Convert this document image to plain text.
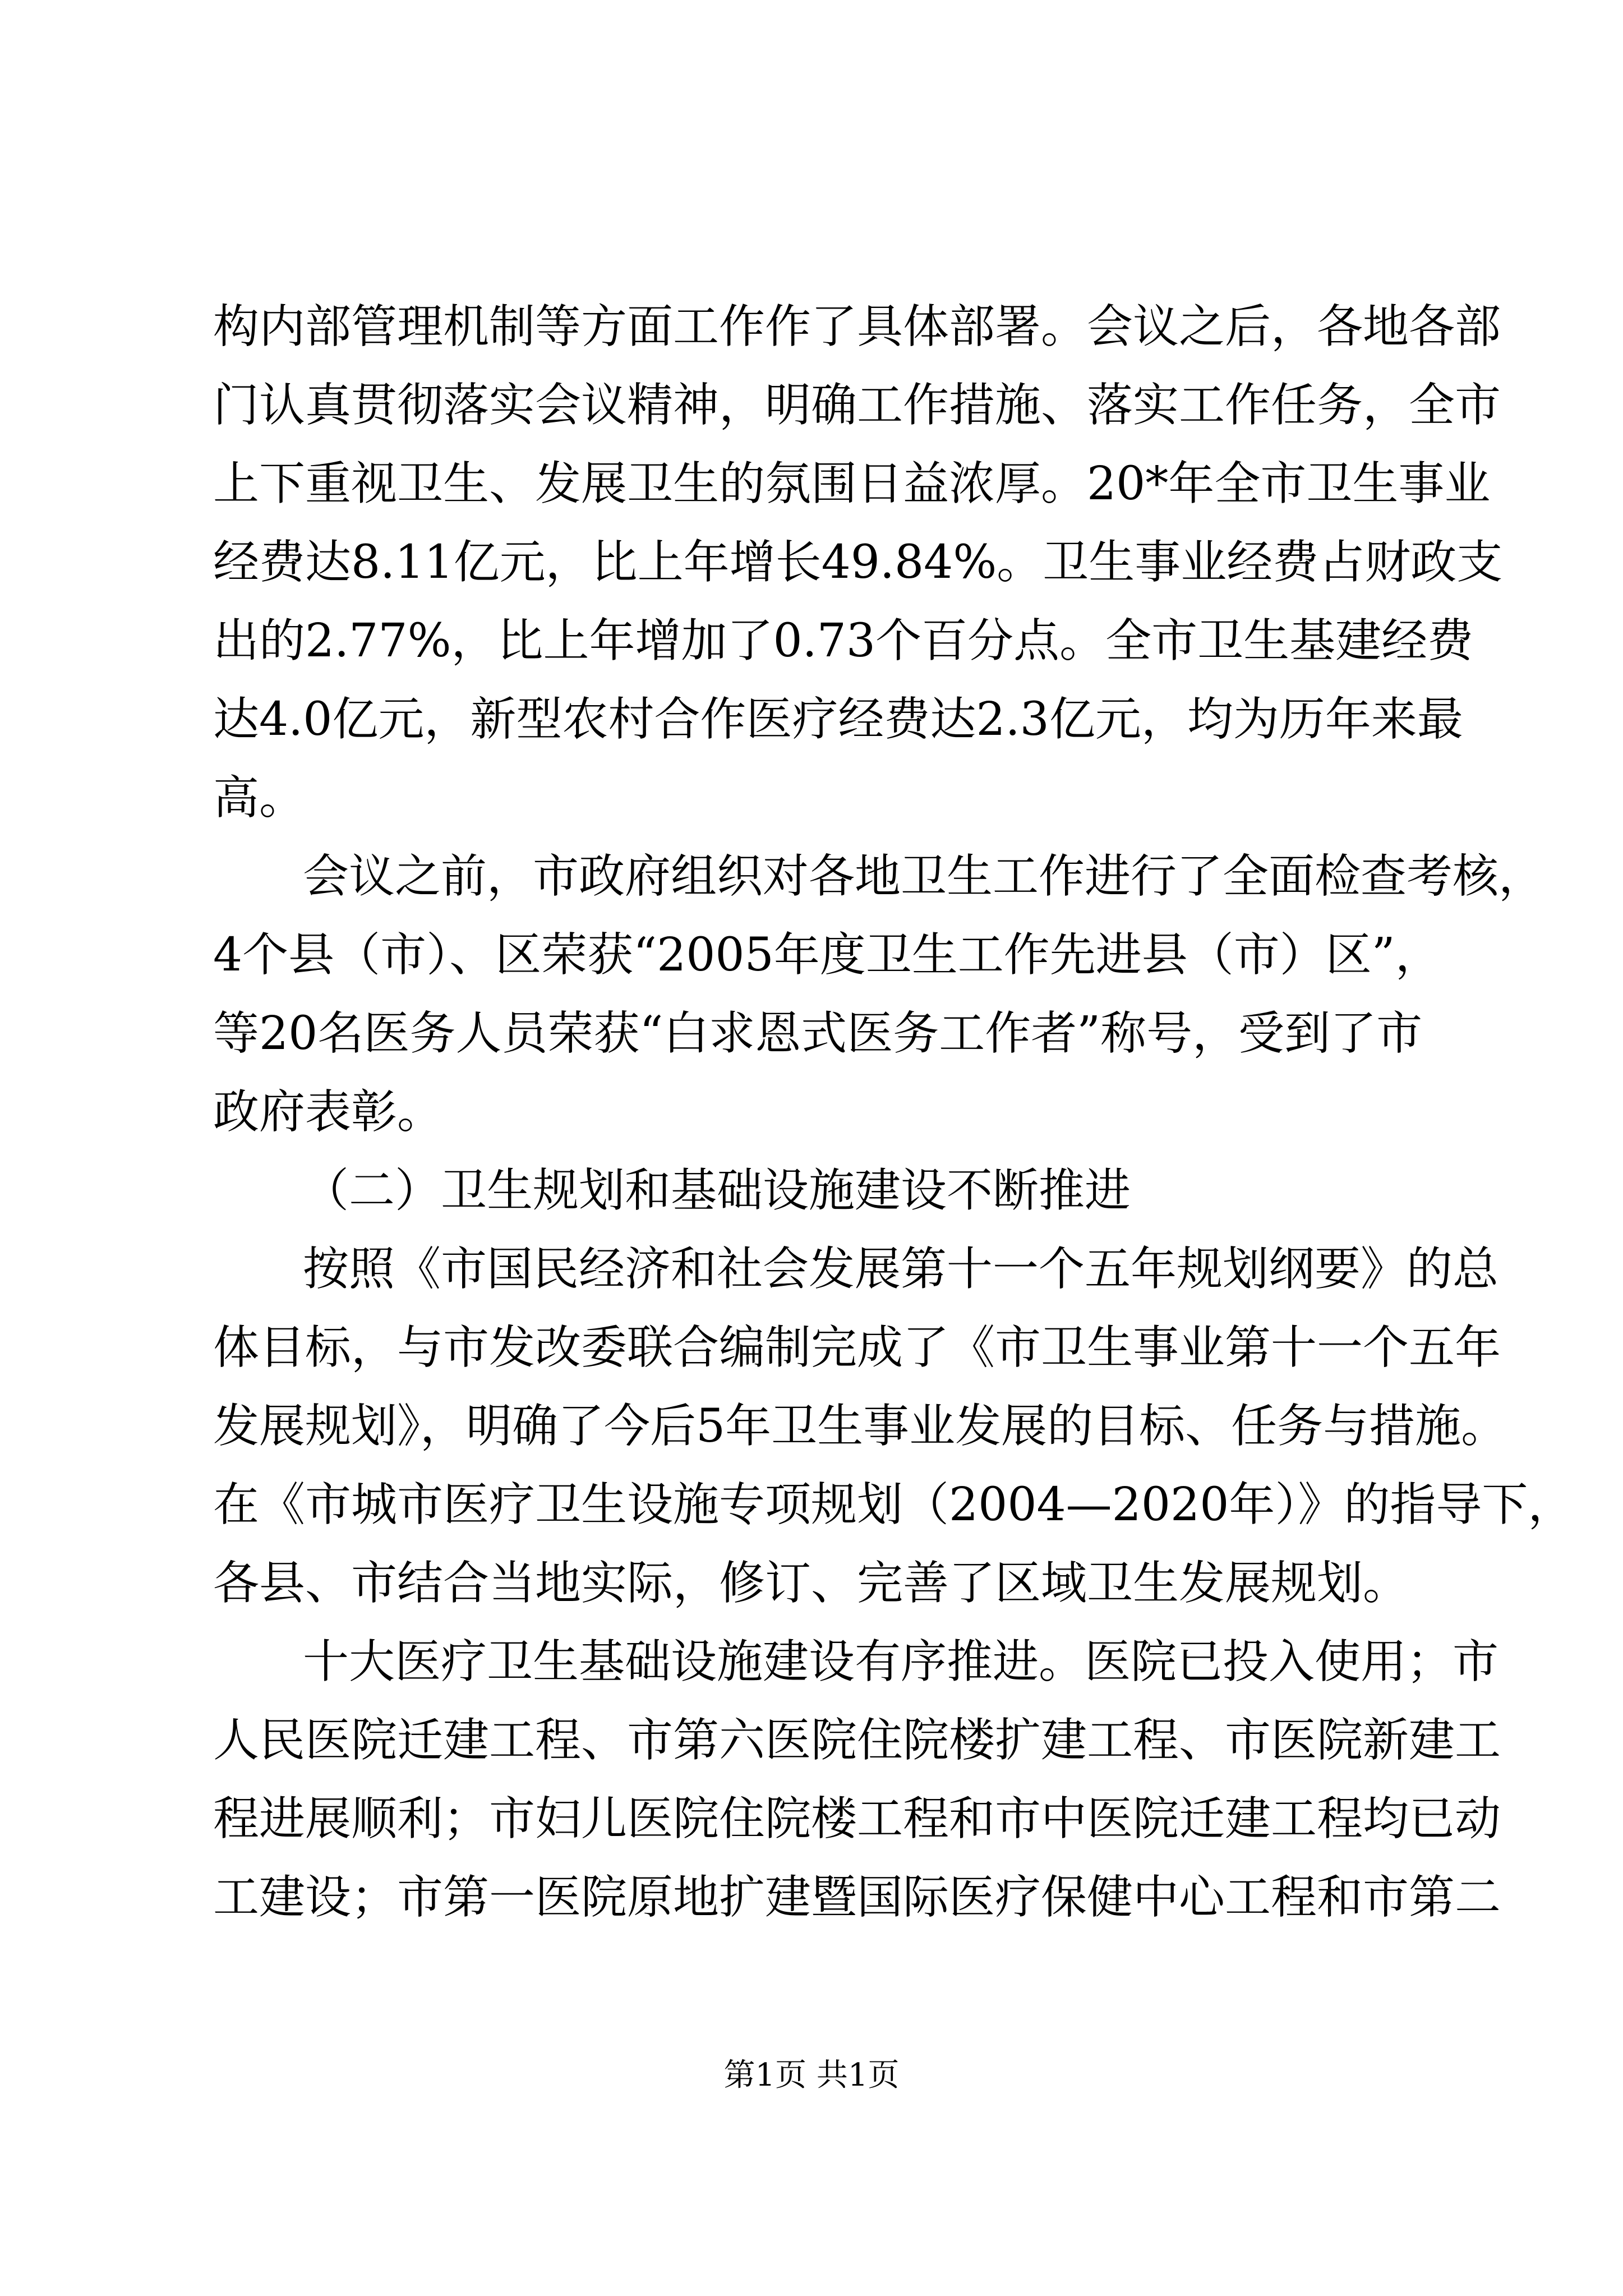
构内部管理机制等方面工作作了具体部署。会议之后，各地各部
门认真贯彻落实会议精神，明确工作措施、落实工作任务，全市
上下重视卫生、发展卫生的氛围日益浓厚。20*年全市卫生事业
经费达8.11亿元，比上年增长49.84%。卫生事业经费占财政支
出的2.77%，比上年增加了0.73个百分点。全市卫生基建经费
达4.0亿元，新型农村合作医疗经费达2.3亿元，均为历年来最
高。
会议之前，市政府组织对各地卫生工作进行了全面检查考核，
4个县（市）、区荣获“2005年度卫生工作先进县（市）区”，
等20名医务人员荣获“白求恩式医务工作者”称号，受到了市
政府表彰。
（二）卫生规划和基础设施建设不断推进
按照《市国民经济和社会发展第十一个五年规划纲要》的总
体目标，与市发改委联合编制完成了《市卫生事业第十一个五年
发展规划》，明确了今后5年卫生事业发展的目标、任务与措施。
在《市城市医疗卫生设施专项规划（2004—2020年）》的指导下，
各县、市结合当地实际，修订、完善了区域卫生发展规划。
十大医疗卫生基础设施建设有序推进。医院已投入使用；市
人民医院迁建工程、市第六医院住院楼扩建工程、市医院新建工
程进展顺利；市妇儿医院住院楼工程和市中医院迁建工程均已动
工建设；市第一医院原地扩建暨国际医疗保健中心工程和市第二
第1页 共1页
